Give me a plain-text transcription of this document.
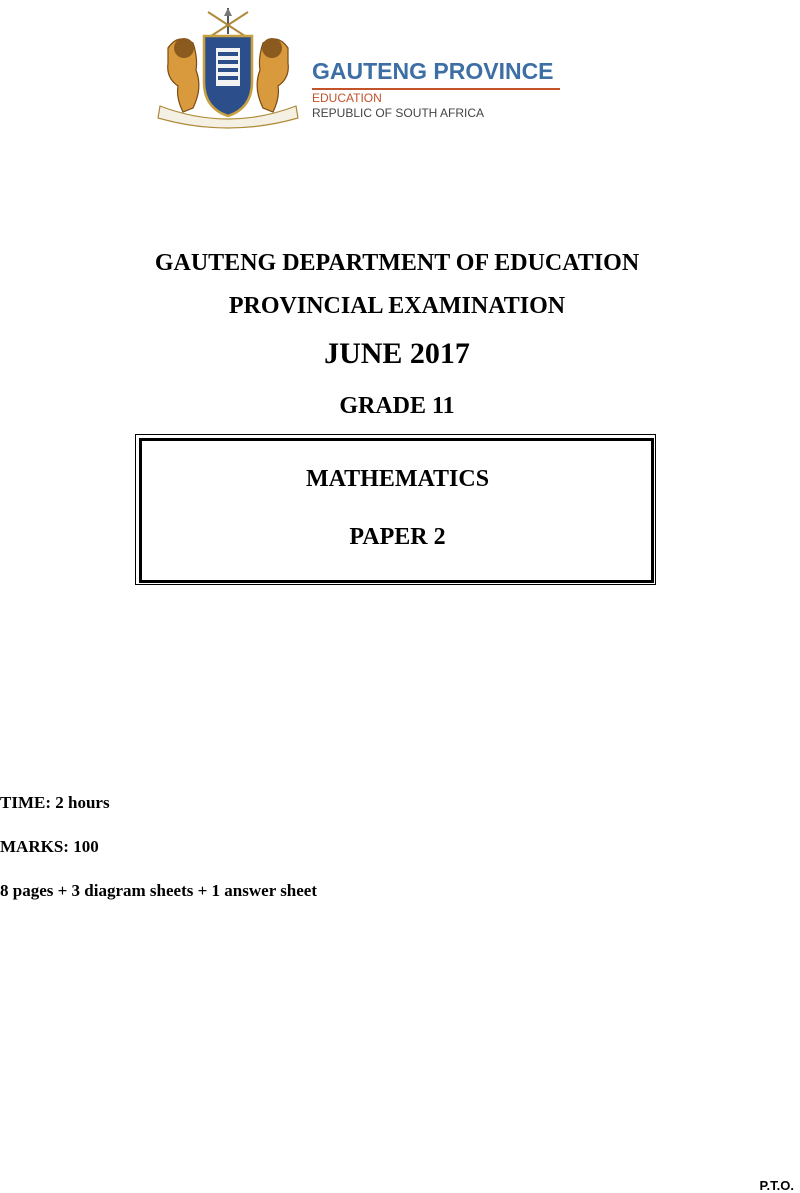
GAUTENG PROVINCE
EDUCATION
REPUBLIC OF SOUTH AFRICA
GAUTENG DEPARTMENT OF EDUCATION
PROVINCIAL EXAMINATION
JUNE 2017
GRADE 11
MATHEMATICS
PAPER 2
TIME: 2 hours
MARKS: 100
8 pages + 3 diagram sheets + 1 answer sheet
P.T.O.
